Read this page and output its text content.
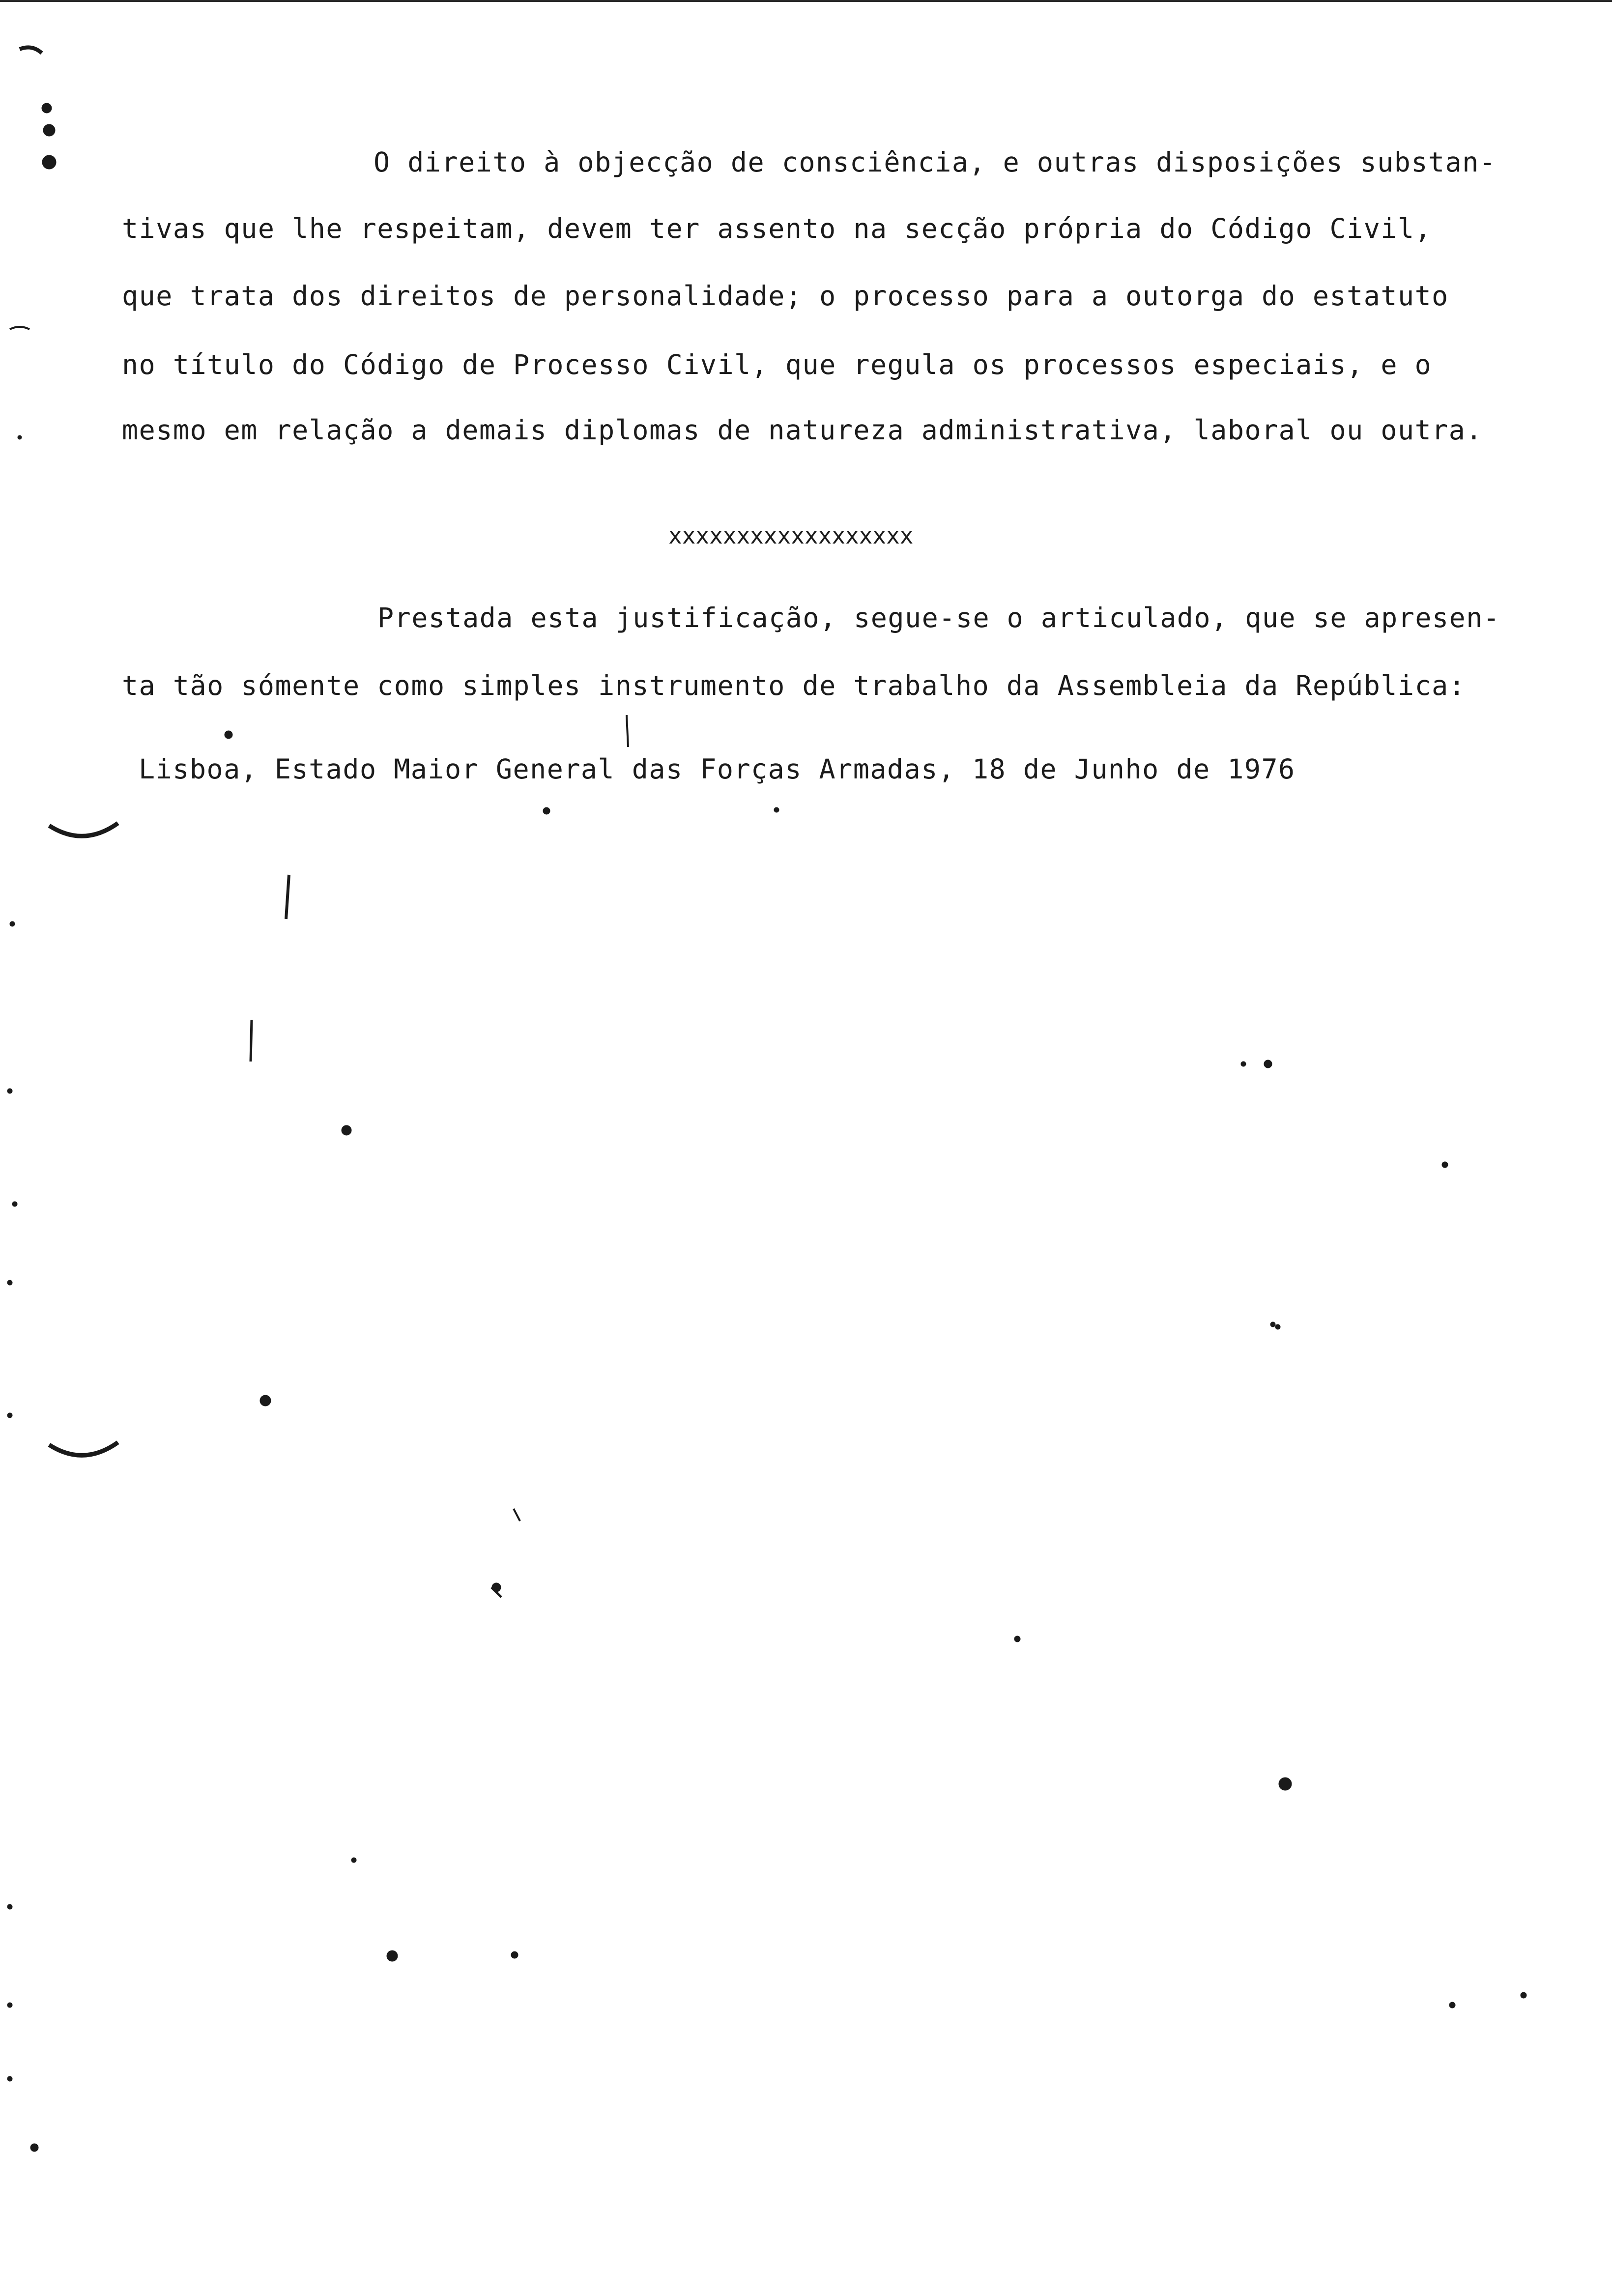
O direito à objecção de consciência, e outras disposições substan-
tivas que lhe respeitam, devem ter assento na secção própria do Código Civil,
que trata dos direitos de personalidade; o processo para a outorga do estatuto
no título do Código de Processo Civil, que regula os processos especiais, e o
mesmo em relação a demais diplomas de natureza administrativa, laboral ou outra.
xxxxxxxxxxxxxxxxxx
Prestada esta justificação, segue-se o articulado, que se apresen-
ta tão sómente como simples instrumento de trabalho da Assembleia da República:
Lisboa, Estado Maior General das Forças Armadas, 18 de Junho de 1976
